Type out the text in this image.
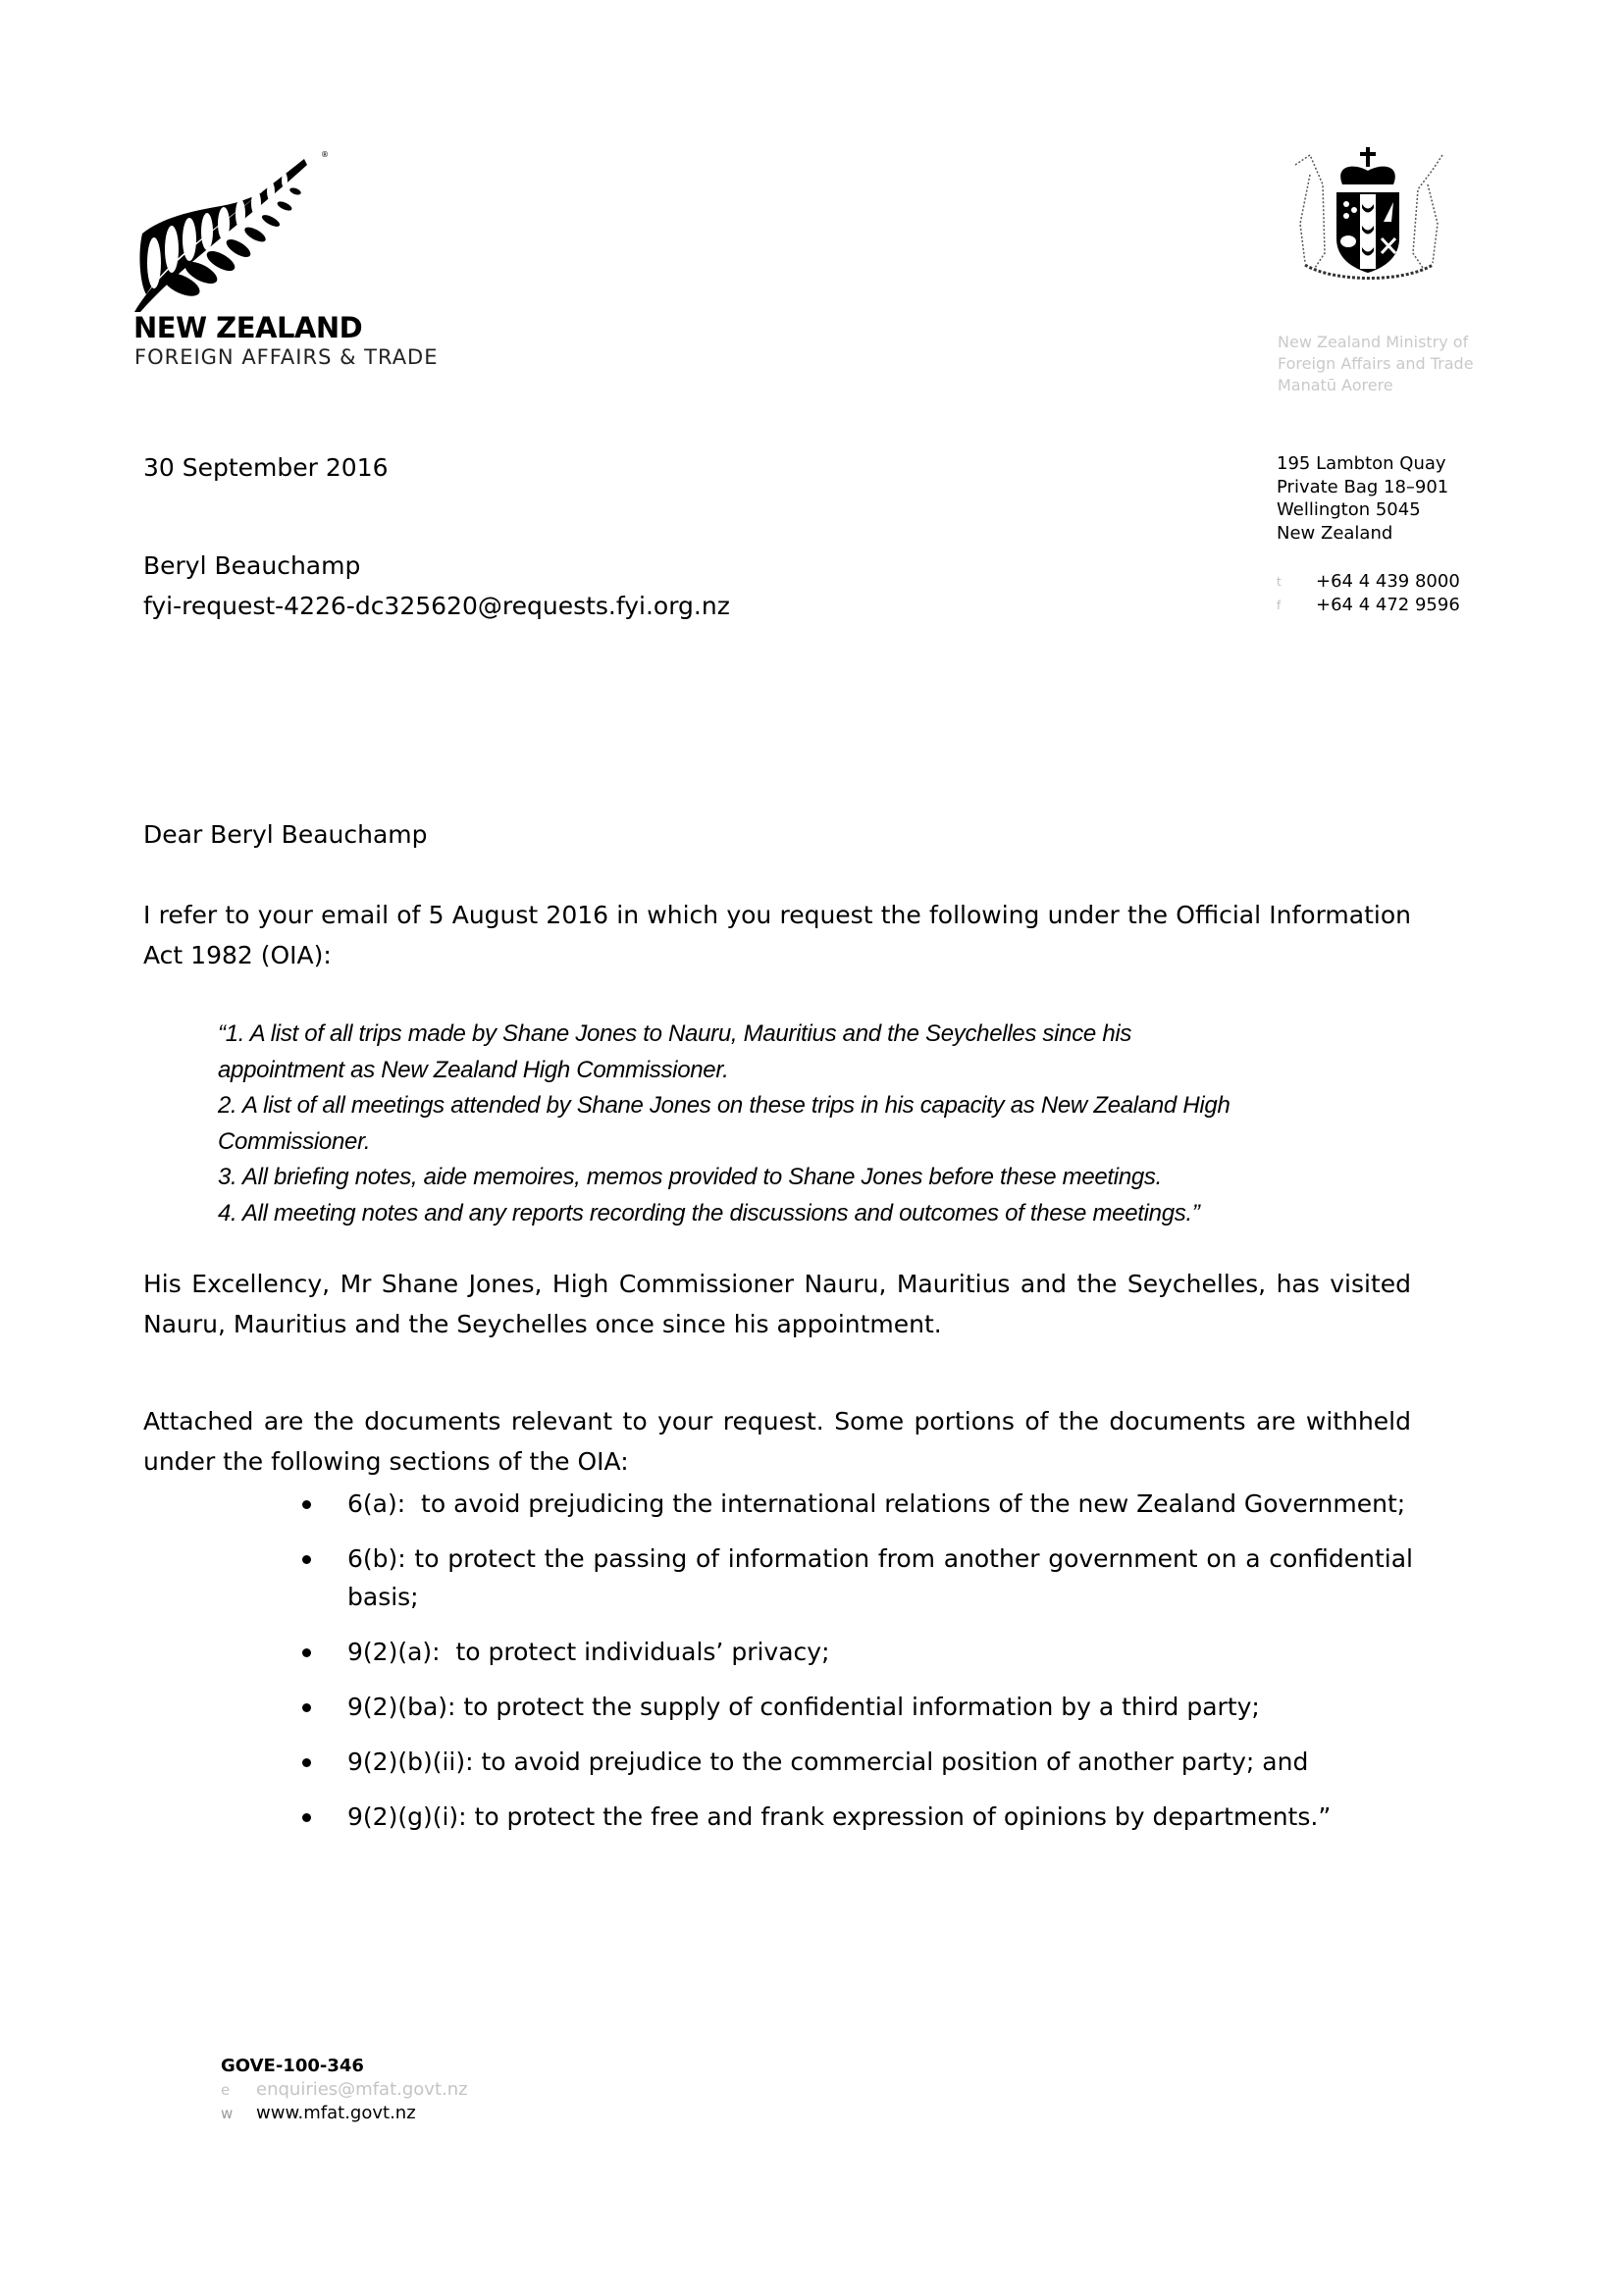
®
NEW ZEALAND
FOREIGN AFFAIRS & TRADE
New Zealand Ministry of
Foreign Affairs and Trade
Manatū Aorere
195 Lambton Quay
Private Bag 18–901
Wellington 5045
New Zealand
t	+64 4 439 8000
f	+64 4 472 9596
30 September 2016
Beryl Beauchamp
fyi-request-4226-dc325620@requests.fyi.org.nz
Dear Beryl Beauchamp
I refer to your email of 5 August 2016 in which you request the following under the Official Information Act 1982 (OIA):
“1. A list of all trips made by Shane Jones to Nauru, Mauritius and the Seychelles since his
appointment as New Zealand High Commissioner.
2. A list of all meetings attended by Shane Jones on these trips in his capacity as New Zealand High
Commissioner.
3. All briefing notes, aide memoires, memos provided to Shane Jones before these meetings.
4. All meeting notes and any reports recording the discussions and outcomes of these meetings.”
His Excellency, Mr Shane Jones, High Commissioner Nauru, Mauritius and the Seychelles, has visited Nauru, Mauritius and the Seychelles once since his appointment.
Attached are the documents relevant to your request. Some portions of the documents are withheld under the following sections of the OIA:
6(a):  to avoid prejudicing the international relations of the new Zealand Government;
6(b): to protect the passing of information from another government on a confidential basis;
9(2)(a):  to protect individuals’ privacy;
9(2)(ba): to protect the supply of confidential information by a third party;
9(2)(b)(ii): to avoid prejudice to the commercial position of another party; and
9(2)(g)(i): to protect the free and frank expression of opinions by departments.”
GOVE-100-346
e	enquiries@mfat.govt.nz
w	www.mfat.govt.nz
